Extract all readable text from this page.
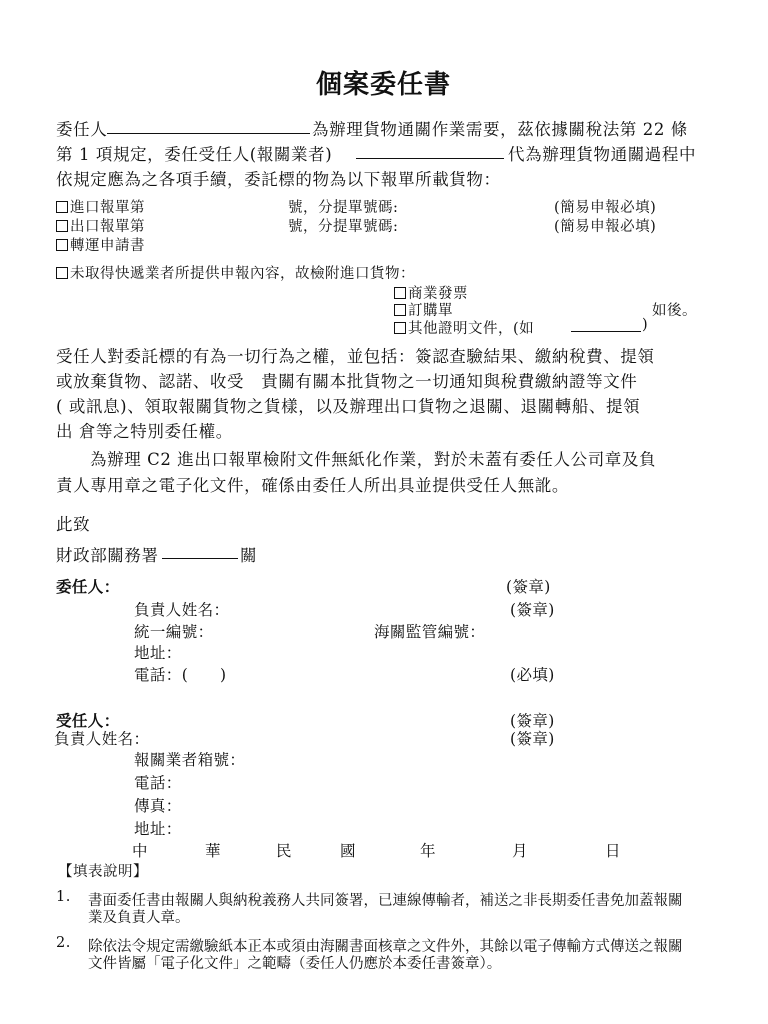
個案委任書
委任人	為辦理貨物通關作業需要，茲依據關稅法第 22 條
第 1 項規定，委任受任人(報關業者)	代為辦理貨物通關過程中
依規定應為之各項手續，委託標的物為以下報單所載貨物：
進口報單第	號，分提單號碼:	(簡易申報必填)
出口報單第	號，分提單號碼:	(簡易申報必填)
轉運申請書
未取得快遞業者所提供申報內容，故檢附進口貨物：
商業發票
訂購單	如後。
其他證明文件，(如	)
受任人對委託標的有為一切行為之權，並包括：簽認查驗結果、繳納稅費、提領
或放棄貨物、認諾、收受　貴關有關本批貨物之一切通知與稅費繳納證等文件
( 或訊息)、領取報關貨物之貨樣，以及辦理出口貨物之退關、退關轉船、提領
出 倉等之特別委任權。
為辦理 C2 進出口報單檢附文件無紙化作業，對於未蓋有委任人公司章及負
責人專用章之電子化文件，確係由委任人所出具並提供受任人無訛。
此致
財政部關務署	關
委任人：	(簽章)
負責人姓名：	(簽章)
統一編號：	海關監管編號：
地址：
電話：(　　)	(必填)
受任人：	(簽章)
負責人姓名：	(簽章)
報關業者箱號：
電話：
傳真：
地址：
中	華	民	國	年	月	日
【填表說明】
1. 書面委任書由報關人與納稅義務人共同簽署，已連線傳輸者，補送之非長期委任書免加蓋報關
業及負責人章。
2. 除依法令規定需繳驗紙本正本或須由海關書面核章之文件外，其餘以電子傳輸方式傳送之報關
文件皆屬「電子化文件」之範疇（委任人仍應於本委任書簽章）。
